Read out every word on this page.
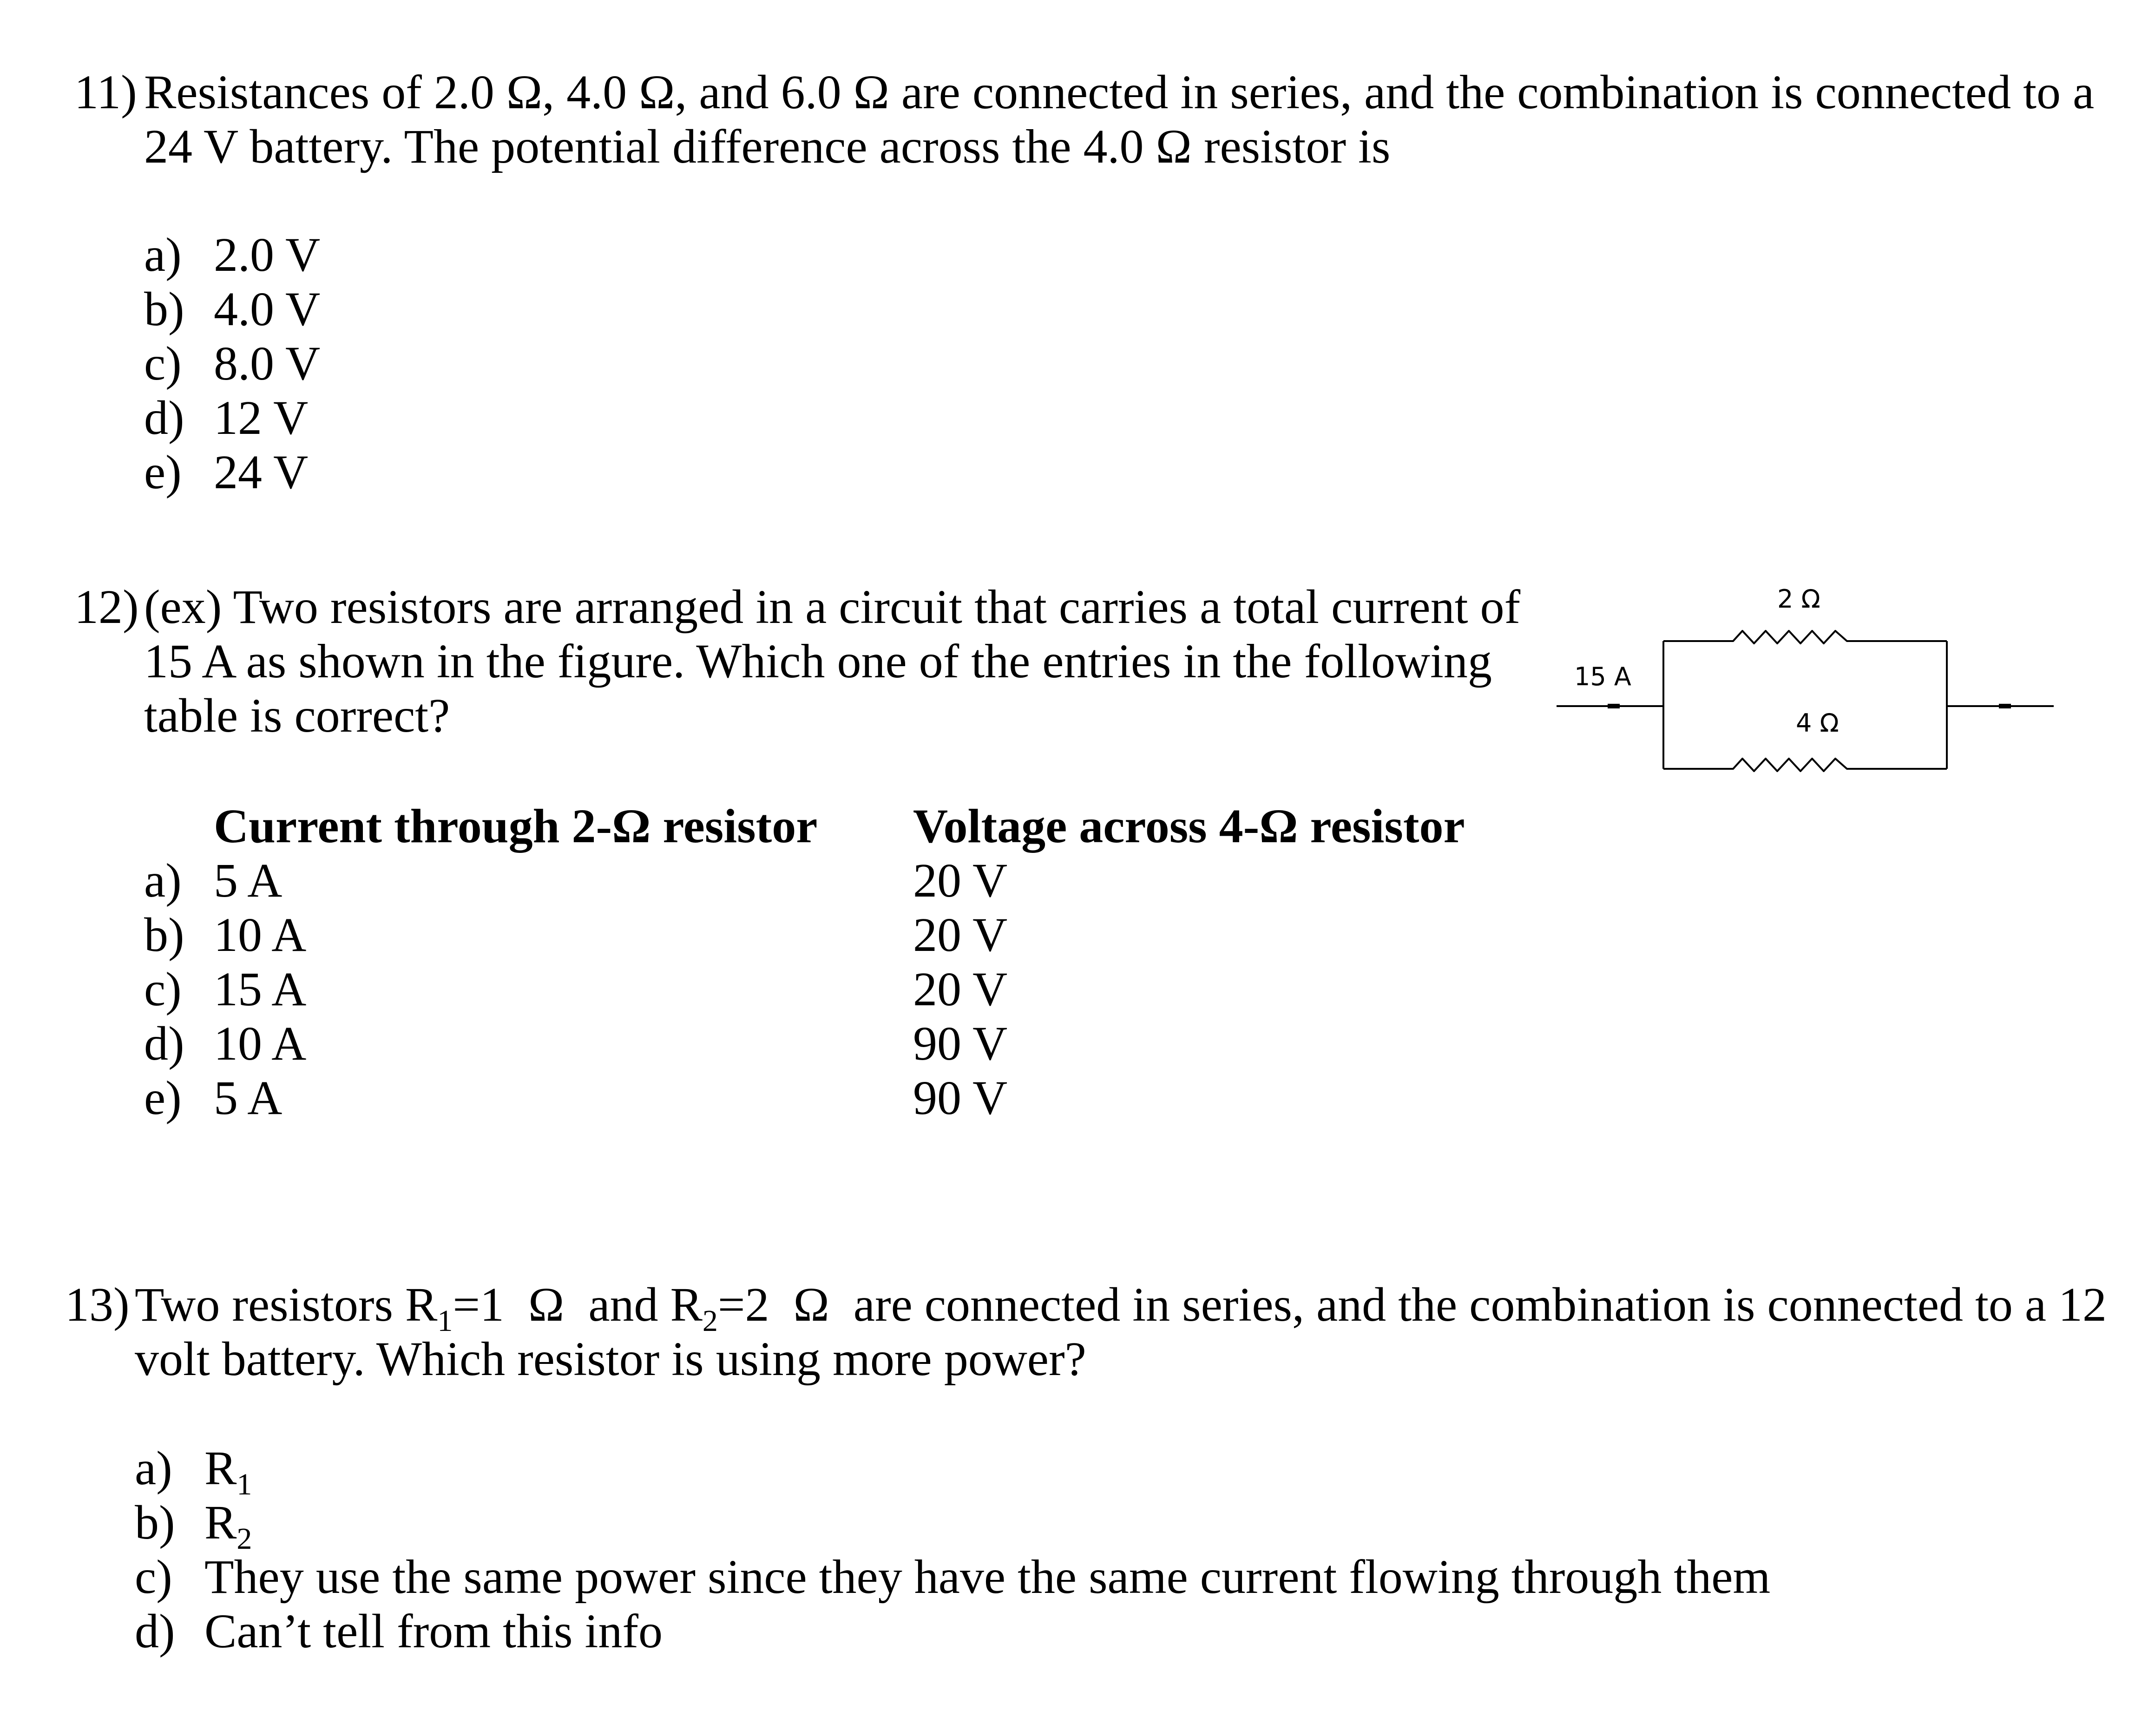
11) Resistances of 2.0 Ω, 4.0 Ω, and 6.0 Ω are connected in series, and the combination is connected to a
24 V battery. The potential difference across the 4.0 Ω resistor is
a) 2.0 V
b) 4.0 V
c) 8.0 V
d) 12 V
e) 24 V
12) (ex) Two resistors are arranged in a circuit that carries a total current of
15 A as shown in the figure. Which one of the entries in the following
table is correct?
Current through 2-Ω resistor
a) 5 A
b) 10 A
c) 15 A
d) 10 A
e) 5 A
Voltage across 4-Ω resistor
20 V
20 V
20 V
90 V
90 V
15 A
2 Ω
4 Ω
13) Two resistors $R_1=1$  Ω  and $R_2=2$  Ω  are connected in series, and the combination is connected to a 12
volt battery. Which resistor is using more power?
a) $R_1$
b) $R_2$
c) They use the same power since they have the same current flowing through them
d) Can’t tell from this info
